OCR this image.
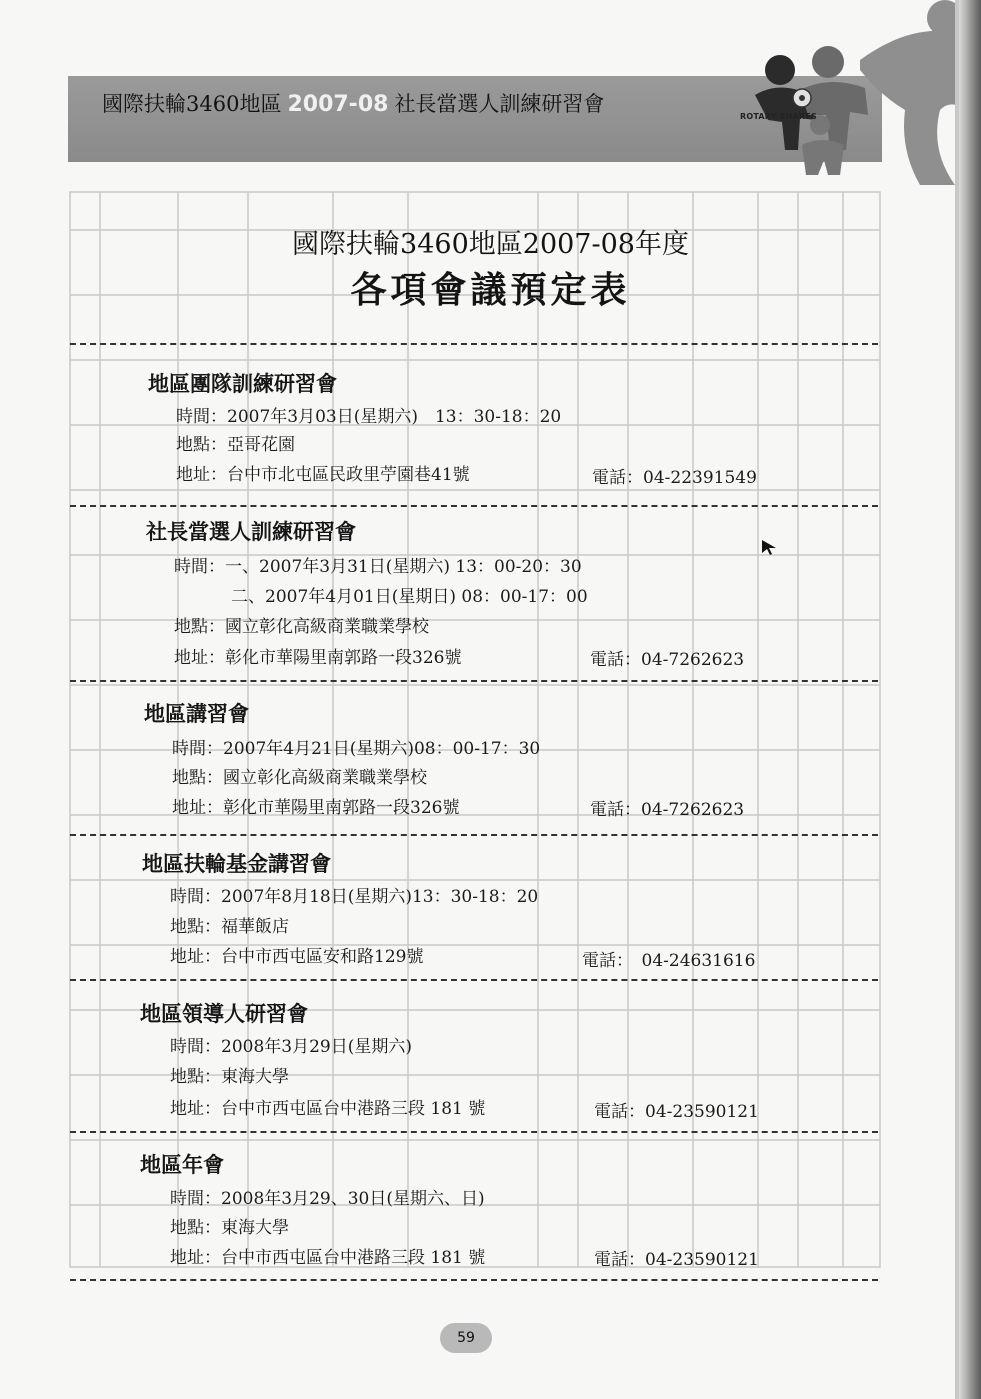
國際扶輪3460地區 2007-08 社長當選人訓練研習會
ROTARY SHARES
國際扶輪3460地區2007-08年度
各項會議預定表
地區團隊訓練研習會
時間：2007年3月03日(星期六)　13：30-18：20
地點：亞哥花園
地址：台中市北屯區民政里苧園巷41號	電話：04-22391549
社長當選人訓練研習會
時間：一、2007年3月31日(星期六) 13：00-20：30
二、2007年4月01日(星期日) 08：00-17：00
地點：國立彰化高級商業職業學校
地址：彰化市華陽里南郭路一段326號	電話：04-7262623
地區講習會
時間：2007年4月21日(星期六)08：00-17：30
地點：國立彰化高級商業職業學校
地址：彰化市華陽里南郭路一段326號	電話：04-7262623
地區扶輪基金講習會
時間：2007年8月18日(星期六)13：30-18：20
地點：福華飯店
地址：台中市西屯區安和路129號	電話：　04-24631616
地區領導人研習會
時間：2008年3月29日(星期六)
地點：東海大學
地址：台中市西屯區台中港路三段 181 號	電話：04-23590121
地區年會
時間：2008年3月29、30日(星期六、日)
地點：東海大學
地址：台中市西屯區台中港路三段 181 號	電話：04-23590121
59
